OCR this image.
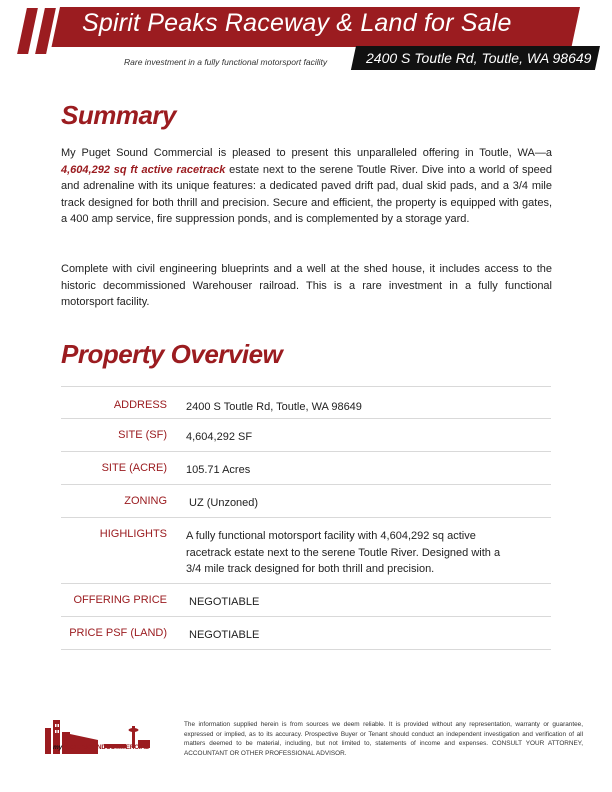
Spirit Peaks Raceway & Land for Sale
Rare investment in a fully functional motorsport facility	2400 S Toutle Rd, Toutle, WA 98649
Summary

My Puget Sound Commercial is pleased to present this unparalleled offering in Toutle, WA—a 4,604,292 sq ft active racetrack estate next to the serene Toutle River. Dive into a world of speed and adrenaline with its unique features: a dedicated paved drift pad, dual skid pads, and a 3/4 mile track designed for both thrill and precision. Secure and efficient, the property is equipped with gates, a 400 amp service, fire suppression ponds, and is complemented by a storage yard.

Complete with civil engineering blueprints and a well at the shed house, it includes access to the historic decommissioned Warehouser railroad. This is a rare investment in a fully functional motorsport facility.

Property Overview
ADDRESS 2400 S Toutle Rd, Toutle, WA 98649
SITE (SF) 4,604,292 SF
SITE (ACRE) 105.71 Acres
ZONING UZ (Unzoned)
HIGHLIGHTS A fully functional motorsport facility with 4,604,292 sq active racetrack estate next to the serene Toutle River. Designed with a 3/4 mile track designed for both thrill and precision.
OFFERING PRICE NEGOTIABLE
PRICE PSF (LAND) NEGOTIABLE
myPUGETSOUNDCOMMERCIAL

The information supplied herein is from sources we deem reliable. It is provided without any representation, warranty or guarantee, expressed or implied, as to its accuracy. Prospective Buyer or Tenant should conduct an independent investigation and verification of all matters deemed to be material, including, but not limited to, statements of income and expenses. CONSULT YOUR ATTORNEY, ACCOUNTANT OR OTHER PROFESSIONAL ADVISOR.
